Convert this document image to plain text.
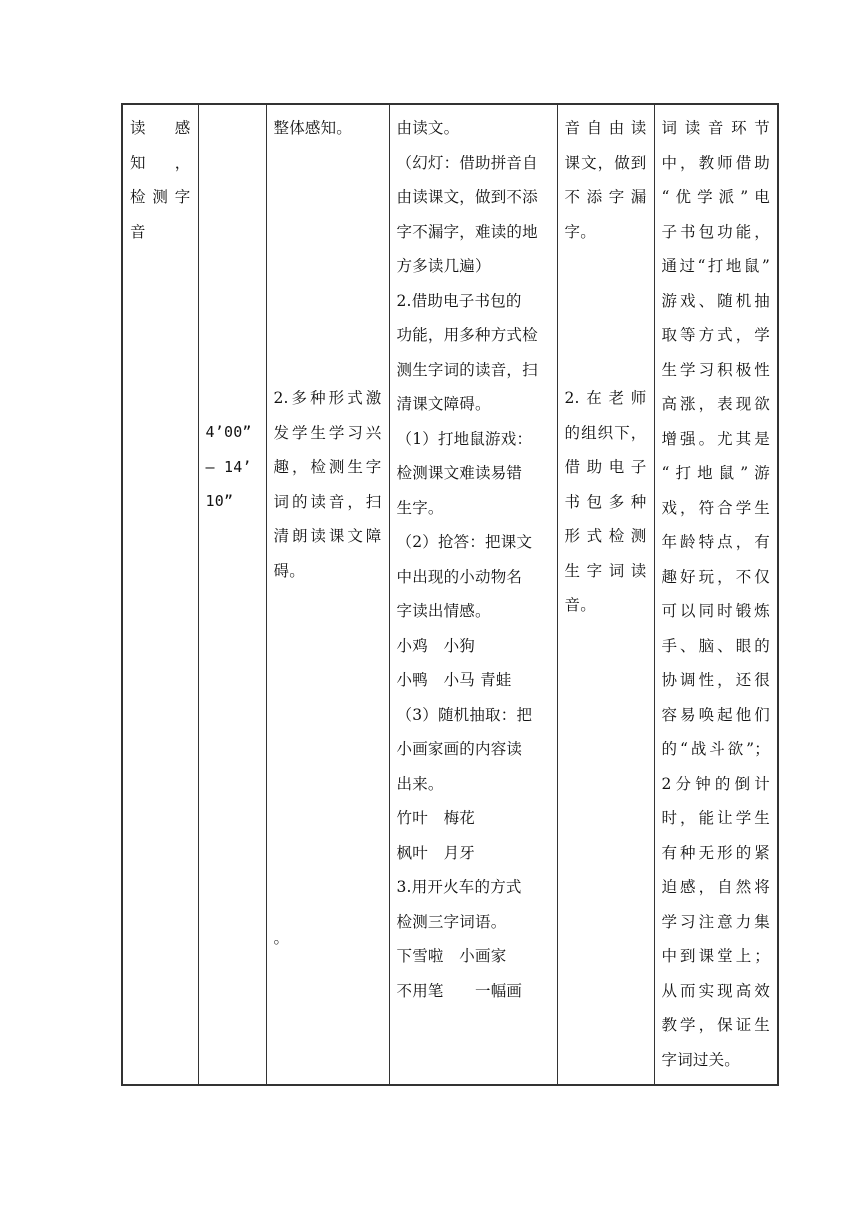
读　感
知　，
检测字
音

4’00”
– 14’
10”

整体感知。
2.多种形式激
发学生学习兴
趣，检测生字
词的读音，扫
清朗读课文障
碍。
。

由读文。
（幻灯：借助拼音自
由读课文，做到不添
字不漏字，难读的地
方多读几遍）
2.借助电子书包的
功能，用多种方式检
测生字词的读音，扫
清课文障碍。
（1）打地鼠游戏：
检测课文难读易错
生字。
（2）抢答：把课文
中出现的小动物名
字读出情感。
小鸡　小狗
小鸭　小马 青蛙
（3）随机抽取：把
小画家画的内容读
出来。
竹叶　梅花
枫叶　月牙
3.用开火车的方式
检测三字词语。
下雪啦　小画家
不用笔　　一幅画

音自由读
课文，做到
不添字漏
字。
2.在老师
的组织下，
借助电子
书包多种
形式检测
生字词读
音。

词读音环节
中，教师借助
“优学派”电
子书包功能，
通过“打地鼠”
游戏、随机抽
取等方式，学
生学习积极性
高涨，表现欲
增强。尤其是
“打地鼠”游
戏，符合学生
年龄特点，有
趣好玩，不仅
可以同时锻炼
手、脑、眼的
协调性，还很
容易唤起他们
的“战斗欲”；
2分钟的倒计
时，能让学生
有种无形的紧
迫感，自然将
学习注意力集
中到课堂上；
从而实现高效
教学，保证生
字词过关。
